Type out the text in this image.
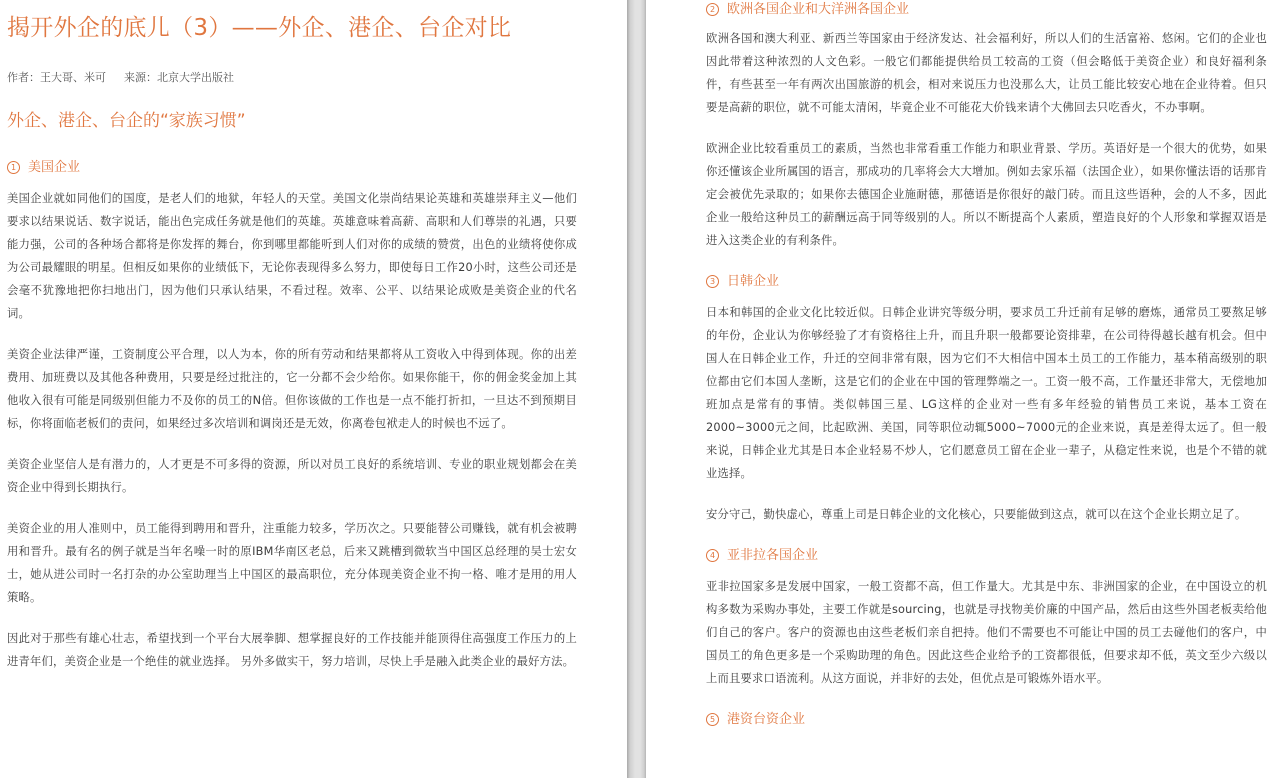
揭开外企的底儿（3）——外企、港企、台企对比
作者：王大哥、米可 来源：北京大学出版社
外企、港企、台企的“家族习惯”
1 美国企业

美国企业就如同他们的国度，是老人们的地狱，年轻人的天堂。美国文化崇尚结果论英雄和英雄崇拜主义—他们要求以结果说话、数字说话，能出色完成任务就是他们的英雄。英雄意味着高薪、高职和人们尊崇的礼遇，只要能力强，公司的各种场合都将是你发挥的舞台，你到哪里都能听到人们对你的成绩的赞赏，出色的业绩将使你成为公司最耀眼的明星。但相反如果你的业绩低下，无论你表现得多么努力，即使每日工作20小时，这些公司还是会毫不犹豫地把你扫地出门，因为他们只承认结果，不看过程。效率、公平、以结果论成败是美资企业的代名词。

美资企业法律严谨，工资制度公平合理，以人为本，你的所有劳动和结果都将从工资收入中得到体现。你的出差费用、加班费以及其他各种费用，只要是经过批注的，它一分都不会少给你。如果你能干，你的佣金奖金加上其他收入很有可能是同级别但能力不及你的员工的N倍。但你该做的工作也是一点不能打折扣，一旦达不到预期目标，你将面临老板们的责问，如果经过多次培训和调岗还是无效，你离卷包袱走人的时候也不远了。

美资企业坚信人是有潜力的，人才更是不可多得的资源，所以对员工良好的系统培训、专业的职业规划都会在美资企业中得到长期执行。

美资企业的用人准则中，员工能得到聘用和晋升，注重能力较多，学历次之。只要能替公司赚钱，就有机会被聘用和晋升。最有名的例子就是当年名噪一时的原IBM华南区老总，后来又跳槽到微软当中国区总经理的吴士宏女士，她从进公司时一名打杂的办公室助理当上中国区的最高职位，充分体现美资企业不拘一格、唯才是用的用人策略。

因此对于那些有雄心壮志，希望找到一个平台大展拳脚、想掌握良好的工作技能并能顶得住高强度工作压力的上进青年们，美资企业是一个绝佳的就业选择。 另外多做实干，努力培训，尽快上手是融入此类企业的最好方法。

2 欧洲各国企业和大洋洲各国企业

欧洲各国和澳大利亚、新西兰等国家由于经济发达、社会福利好，所以人们的生活富裕、悠闲。它们的企业也因此带着这种浓烈的人文色彩。一般它们都能提供给员工较高的工资（但会略低于美资企业）和良好福利条件，有些甚至一年有两次出国旅游的机会，相对来说压力也没那么大，让员工能比较安心地在企业待着。但只要是高薪的职位，就不可能太清闲，毕竟企业不可能花大价钱来请个大佛回去只吃香火，不办事啊。

欧洲企业比较看重员工的素质，当然也非常看重工作能力和职业背景、学历。英语好是一个很大的优势，如果你还懂该企业所属国的语言，那成功的几率将会大大增加。例如去家乐福（法国企业），如果你懂法语的话那肯定会被优先录取的；如果你去德国企业施耐德，那德语是你很好的敲门砖。而且这些语种，会的人不多，因此企业一般给这种员工的薪酬远高于同等级别的人。所以不断提高个人素质，塑造良好的个人形象和掌握双语是进入这类企业的有利条件。

3 日韩企业

日本和韩国的企业文化比较近似。日韩企业讲究等级分明，要求员工升迁前有足够的磨炼，通常员工要熬足够的年份，企业认为你够经验了才有资格往上升，而且升职一般都要论资排辈，在公司待得越长越有机会。但中国人在日韩企业工作，升迁的空间非常有限，因为它们不大相信中国本土员工的工作能力，基本稍高级别的职位都由它们本国人垄断，这是它们的企业在中国的管理弊端之一。工资一般不高，工作量还非常大，无偿地加班加点是常有的事情。类似韩国三星、LG这样的企业对一些有多年经验的销售员工来说，基本工资在2000~3000元之间，比起欧洲、美国，同等职位动辄5000~7000元的企业来说，真是差得太远了。但一般来说，日韩企业尤其是日本企业轻易不炒人，它们愿意员工留在企业一辈子，从稳定性来说，也是个不错的就业选择。

安分守己，勤快虚心，尊重上司是日韩企业的文化核心，只要能做到这点，就可以在这个企业长期立足了。

4 亚非拉各国企业

亚非拉国家多是发展中国家，一般工资都不高，但工作量大。尤其是中东、非洲国家的企业，在中国设立的机构多数为采购办事处，主要工作就是sourcing，也就是寻找物美价廉的中国产品，然后由这些外国老板卖给他们自己的客户。客户的资源也由这些老板们亲自把持。他们不需要也不可能让中国的员工去碰他们的客户，中国员工的角色更多是一个采购助理的角色。因此这些企业给予的工资都很低，但要求却不低，英文至少六级以上而且要求口语流利。从这方面说，并非好的去处，但优点是可锻炼外语水平。

5 港资台资企业
